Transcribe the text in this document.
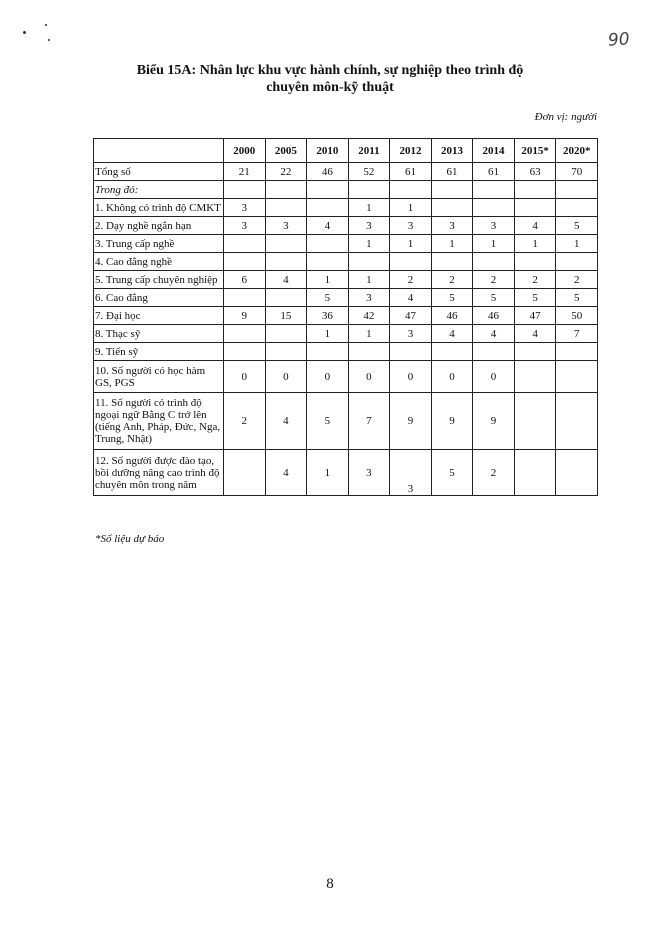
90
Biểu 15A: Nhân lực khu vực hành chính, sự nghiệp theo trình độ
chuyên môn-kỹ thuật
Đơn vị: người
	2000	2005	2010	2011	2012	2013	2014	2015*	2020*
Tổng số	21	22	46	52	61	61	61	63	70
Trong đó:									
1. Không có trình độ CMKT	3			1	1				
2. Dạy nghề ngắn hạn	3	3	4	3	3	3	3	4	5
3. Trung cấp nghề				1	1	1	1	1	1
4. Cao đẳng nghề									
5. Trung cấp chuyên nghiệp	6	4	1	1	2	2	2	2	2
6. Cao đẳng			5	3	4	5	5	5	5
7. Đại học	9	15	36	42	47	46	46	47	50
8. Thạc sỹ			1	1	3	4	4	4	7
9. Tiến sỹ									
10. Số người có học hàm GS, PGS	0	0	0	0	0	0	0		
11. Số người có trình độ ngoại ngữ Bằng C trở lên (tiếng Anh, Pháp, Đức, Nga, Trung, Nhật)	2	4	5	7	9	9	9		
12. Số người được đào tạo, bồi dưỡng nâng cao trình độ chuyên môn trong năm		4	1	3	3	5	2		
*Số liệu dự báo
8
